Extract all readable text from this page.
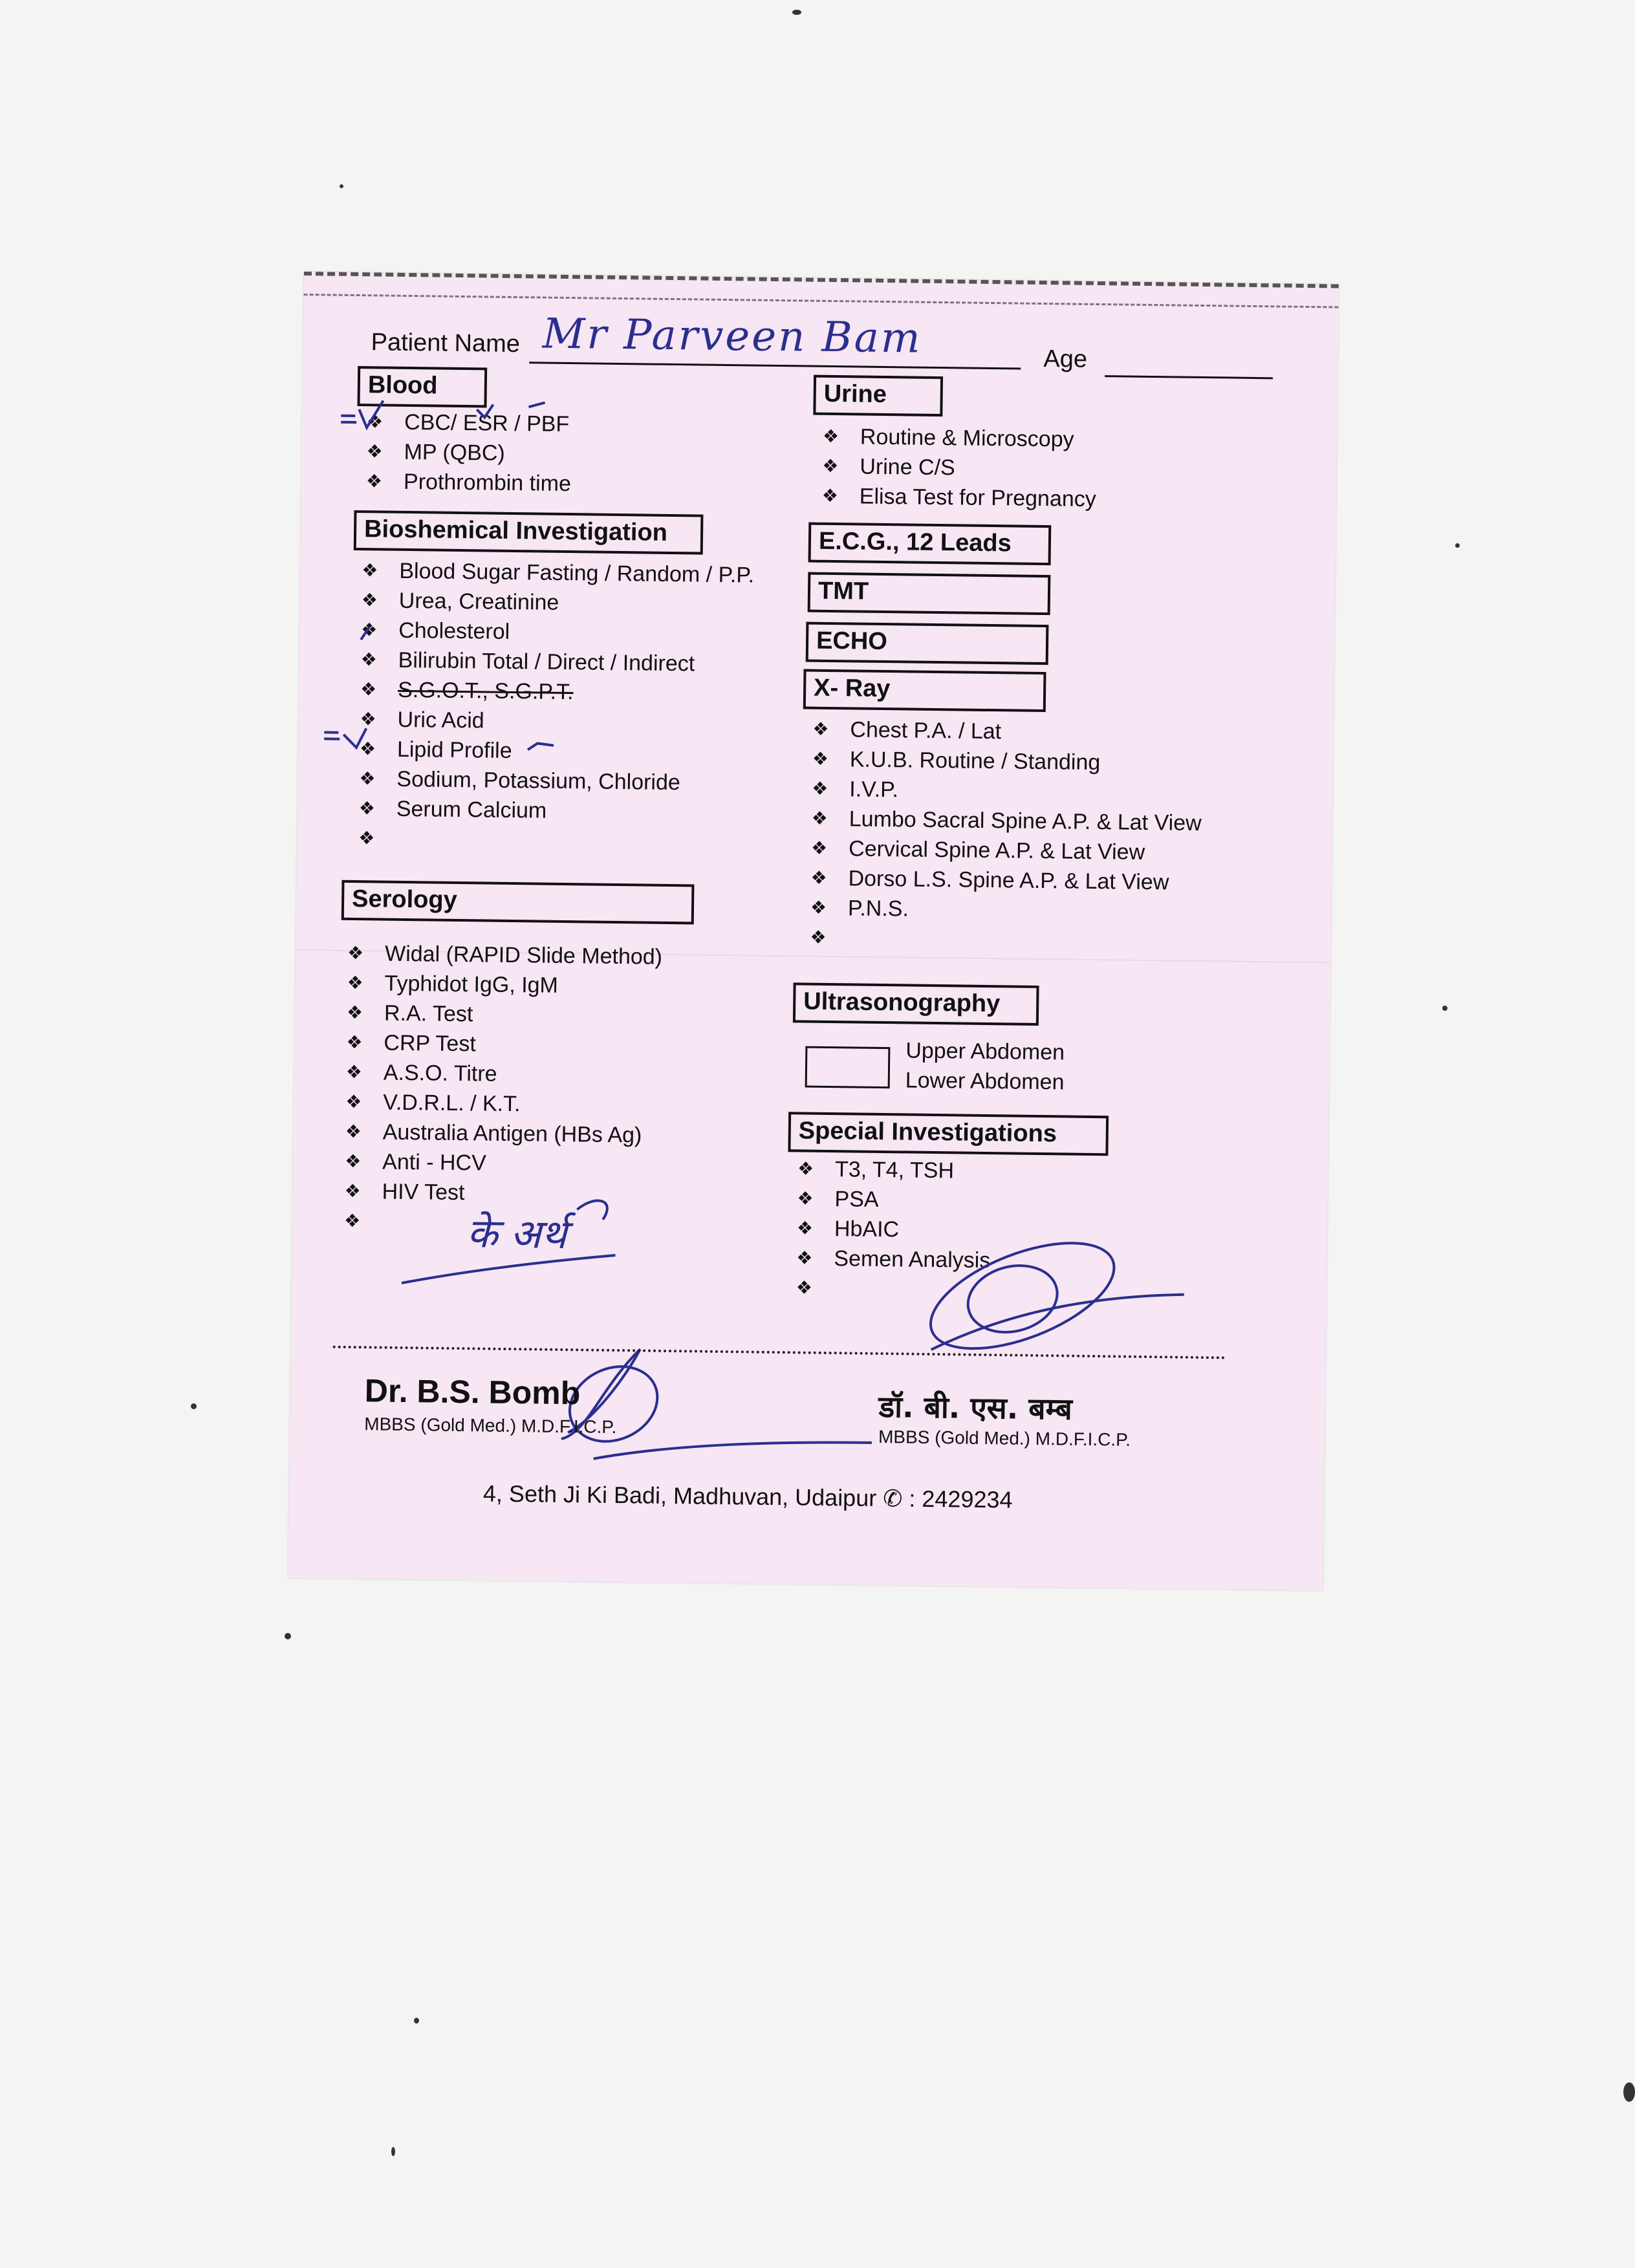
Patient Name Mr Parveen Bam	Age
Blood
❖ CBC/ ESR / PBF
❖ MP (QBC)
❖ Prothrombin time
Bioshemical Investigation
❖ Blood Sugar Fasting / Random / P.P.
❖ Urea, Creatinine
❖ Cholesterol
❖ Bilirubin Total / Direct / Indirect
❖ S.G.O.T., S.G.P.T.
❖ Uric Acid
❖ Lipid Profile
❖ Sodium, Potassium, Chloride
❖ Serum Calcium
❖
Serology
❖ Widal (RAPID Slide Method)
❖ Typhidot IgG, IgM
❖ R.A. Test
❖ CRP Test
❖ A.S.O. Titre
❖ V.D.R.L. / K.T.
❖ Australia Antigen (HBs Ag)
❖ Anti - HCV
❖ HIV Test
❖
Urine
❖ Routine & Microscopy
❖ Urine C/S
❖ Elisa Test for Pregnancy
E.C.G., 12 Leads
TMT
ECHO
X- Ray
❖ Chest P.A. / Lat
❖ K.U.B. Routine / Standing
❖ I.V.P.
❖ Lumbo Sacral Spine A.P. & Lat View
❖ Cervical Spine A.P. & Lat View
❖ Dorso L.S. Spine A.P. & Lat View
❖ P.N.S.
❖
Ultrasonography
Upper Abdomen
Lower Abdomen
Special Investigations
❖ T3, T4, TSH
❖ PSA
❖ HbAIC
❖ Semen Analysis
❖
के अर्थ
Dr. B.S. Bomb
MBBS (Gold Med.) M.D.F.I.C.P.	डॉ. बी. एस. बम्ब
MBBS (Gold Med.) M.D.F.I.C.P.
4, Seth Ji Ki Badi, Madhuvan, Udaipur ✆ : 2429234
